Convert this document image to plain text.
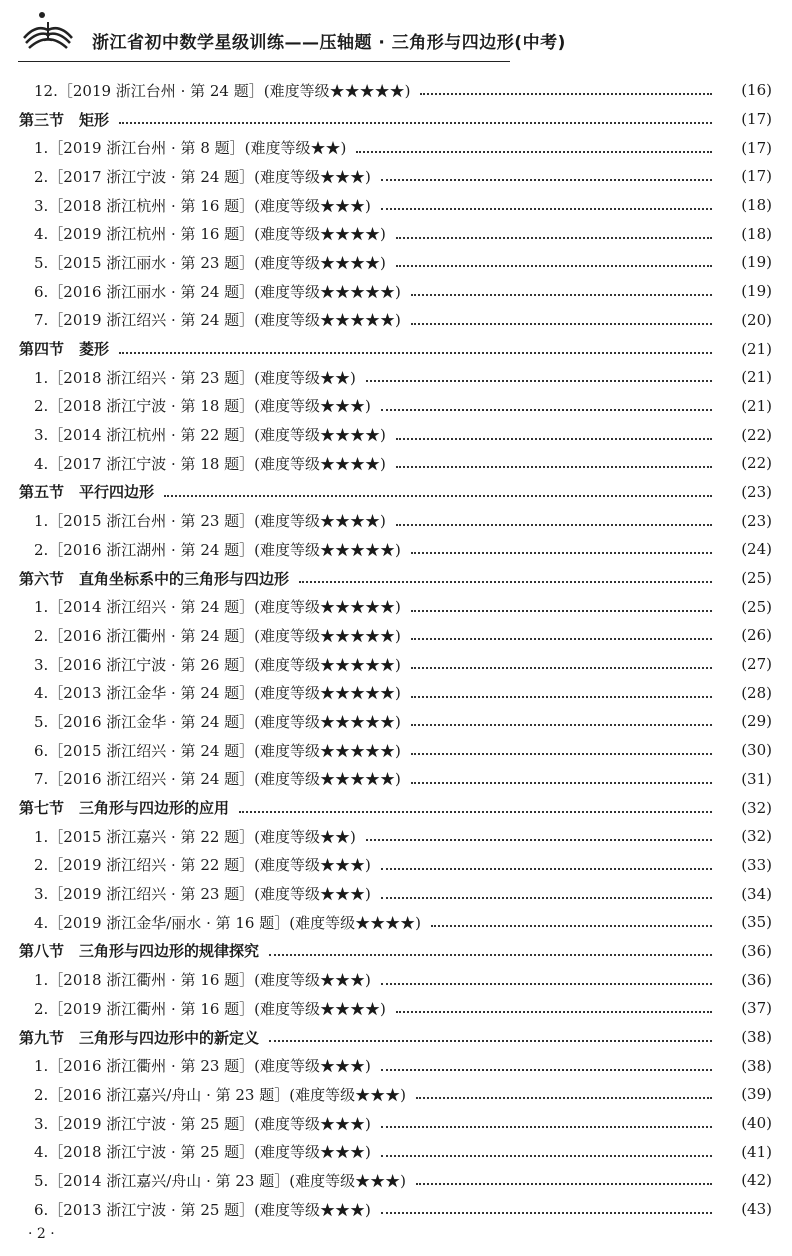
浙江省初中数学星级训练——压轴题 · 三角形与四边形(中考)
12.［2019 浙江台州 · 第 24 题］(难度等级★★★★★)	(16)
第三节　矩形	(17)
1.［2019 浙江台州 · 第 8 题］(难度等级★★)	(17)
2.［2017 浙江宁波 · 第 24 题］(难度等级★★★)	(17)
3.［2018 浙江杭州 · 第 16 题］(难度等级★★★)	(18)
4.［2019 浙江杭州 · 第 16 题］(难度等级★★★★)	(18)
5.［2015 浙江丽水 · 第 23 题］(难度等级★★★★)	(19)
6.［2016 浙江丽水 · 第 24 题］(难度等级★★★★★)	(19)
7.［2019 浙江绍兴 · 第 24 题］(难度等级★★★★★)	(20)
第四节　菱形	(21)
1.［2018 浙江绍兴 · 第 23 题］(难度等级★★)	(21)
2.［2018 浙江宁波 · 第 18 题］(难度等级★★★)	(21)
3.［2014 浙江杭州 · 第 22 题］(难度等级★★★★)	(22)
4.［2017 浙江宁波 · 第 18 题］(难度等级★★★★)	(22)
第五节　平行四边形	(23)
1.［2015 浙江台州 · 第 23 题］(难度等级★★★★)	(23)
2.［2016 浙江湖州 · 第 24 题］(难度等级★★★★★)	(24)
第六节　直角坐标系中的三角形与四边形	(25)
1.［2014 浙江绍兴 · 第 24 题］(难度等级★★★★★)	(25)
2.［2016 浙江衢州 · 第 24 题］(难度等级★★★★★)	(26)
3.［2016 浙江宁波 · 第 26 题］(难度等级★★★★★)	(27)
4.［2013 浙江金华 · 第 24 题］(难度等级★★★★★)	(28)
5.［2016 浙江金华 · 第 24 题］(难度等级★★★★★)	(29)
6.［2015 浙江绍兴 · 第 24 题］(难度等级★★★★★)	(30)
7.［2016 浙江绍兴 · 第 24 题］(难度等级★★★★★)	(31)
第七节　三角形与四边形的应用	(32)
1.［2015 浙江嘉兴 · 第 22 题］(难度等级★★)	(32)
2.［2019 浙江绍兴 · 第 22 题］(难度等级★★★)	(33)
3.［2019 浙江绍兴 · 第 23 题］(难度等级★★★)	(34)
4.［2019 浙江金华/丽水 · 第 16 题］(难度等级★★★★)	(35)
第八节　三角形与四边形的规律探究	(36)
1.［2018 浙江衢州 · 第 16 题］(难度等级★★★)	(36)
2.［2019 浙江衢州 · 第 16 题］(难度等级★★★★)	(37)
第九节　三角形与四边形中的新定义	(38)
1.［2016 浙江衢州 · 第 23 题］(难度等级★★★)	(38)
2.［2016 浙江嘉兴/舟山 · 第 23 题］(难度等级★★★)	(39)
3.［2019 浙江宁波 · 第 25 题］(难度等级★★★)	(40)
4.［2018 浙江宁波 · 第 25 题］(难度等级★★★)	(41)
5.［2014 浙江嘉兴/舟山 · 第 23 题］(难度等级★★★)	(42)
6.［2013 浙江宁波 · 第 25 题］(难度等级★★★)	(43)
· 2 ·
